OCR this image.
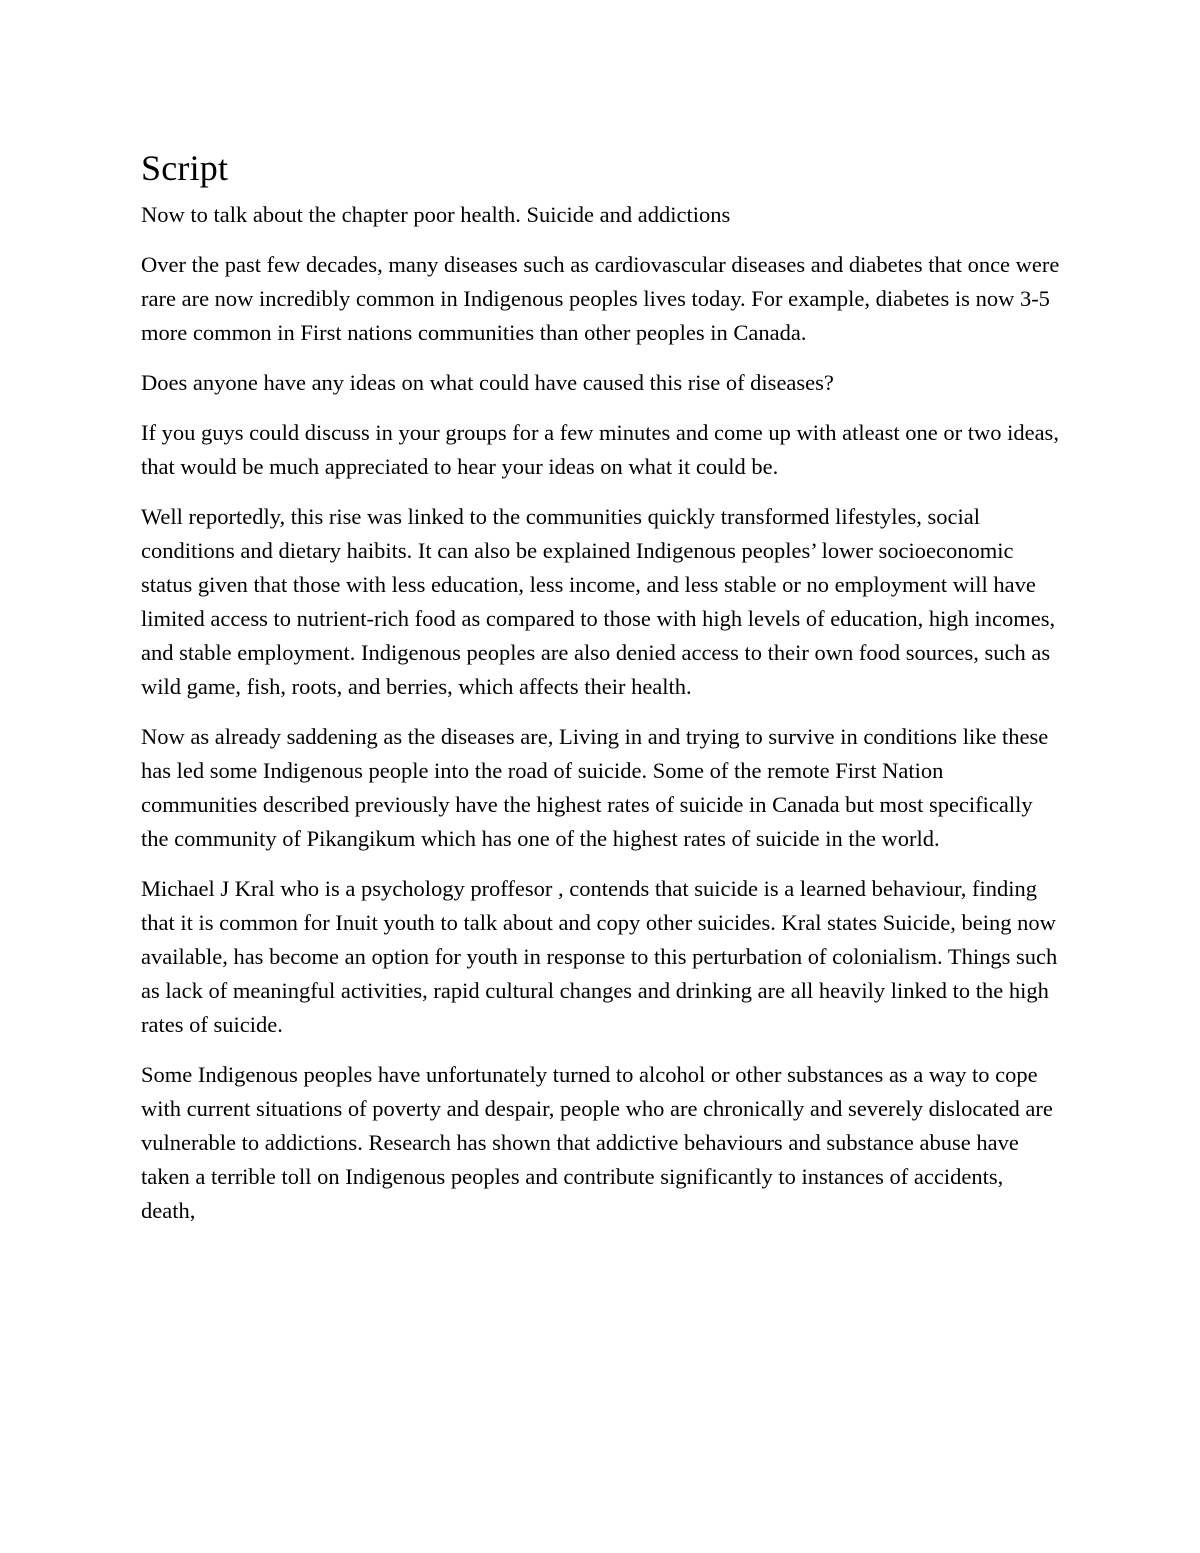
Script

Now to talk about the chapter poor health. Suicide and addictions

Over the past few decades, many diseases such as cardiovascular diseases and diabetes that once were rare are now incredibly common in Indigenous peoples lives today. For example, diabetes is now 3-5 more common in First nations communities than other peoples in Canada.

Does anyone have any ideas on what could have caused this rise of diseases?

If you guys could discuss in your groups for a few minutes and come up with atleast one or two ideas, that would be much appreciated to hear your ideas on what it could be.

Well reportedly, this rise was linked to the communities quickly transformed lifestyles, social conditions and dietary haibits. It can also be explained Indigenous peoples’ lower socioeconomic status given that those with less education, less income, and less stable or no employment will have limited access to nutrient-rich food as compared to those with high levels of education, high incomes, and stable employment. Indigenous peoples are also denied access to their own food sources, such as wild game, fish, roots, and berries, which affects their health.

Now as already saddening as the diseases are, Living in and trying to survive in conditions like these has led some Indigenous people into the road of suicide. Some of the remote First Nation communities described previously have the highest rates of suicide in Canada but most specifically the community of Pikangikum which has one of the highest rates of suicide in the world.

Michael J Kral who is a psychology proffesor , contends that suicide is a learned behaviour, finding that it is common for Inuit youth to talk about and copy other suicides. Kral states Suicide, being now available, has become an option for youth in response to this perturbation of colonialism. Things such as lack of meaningful activities, rapid cultural changes and drinking are all heavily linked to the high rates of suicide.

Some Indigenous peoples have unfortunately turned to alcohol or other substances as a way to cope with current situations of poverty and despair, people who are chronically and severely dislocated are vulnerable to addictions. Research has shown that addictive behaviours and substance abuse have taken a terrible toll on Indigenous peoples and contribute significantly to instances of accidents, death,
